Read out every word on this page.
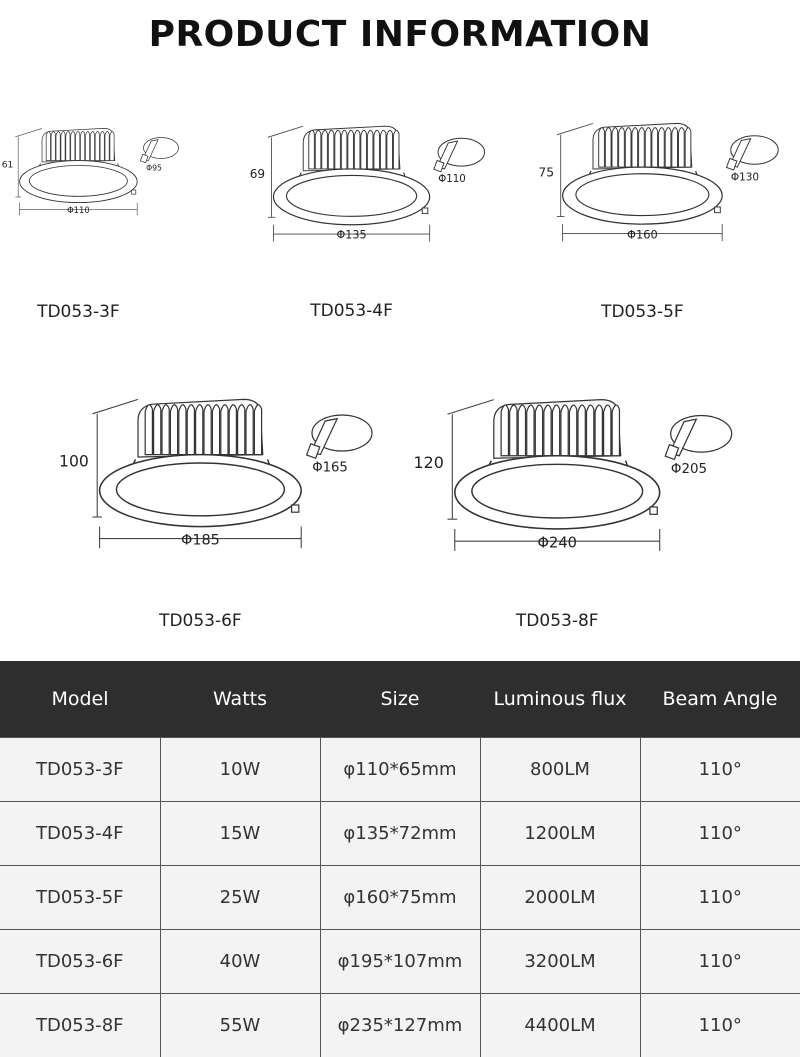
PRODUCT INFORMATION
61
Φ110
Φ95
TD053-3F
69
Φ135
Φ110
TD053-4F
75
Φ160
Φ130
TD053-5F
100
Φ185
Φ165
TD053-6F
120
Φ240
Φ205
TD053-8F
Model	Watts	Size	Luminous flux	Beam Angle
TD053-3F	10W	φ110*65mm	800LM	110°
TD053-4F	15W	φ135*72mm	1200LM	110°
TD053-5F	25W	φ160*75mm	2000LM	110°
TD053-6F	40W	φ195*107mm	3200LM	110°
TD053-8F	55W	φ235*127mm	4400LM	110°
